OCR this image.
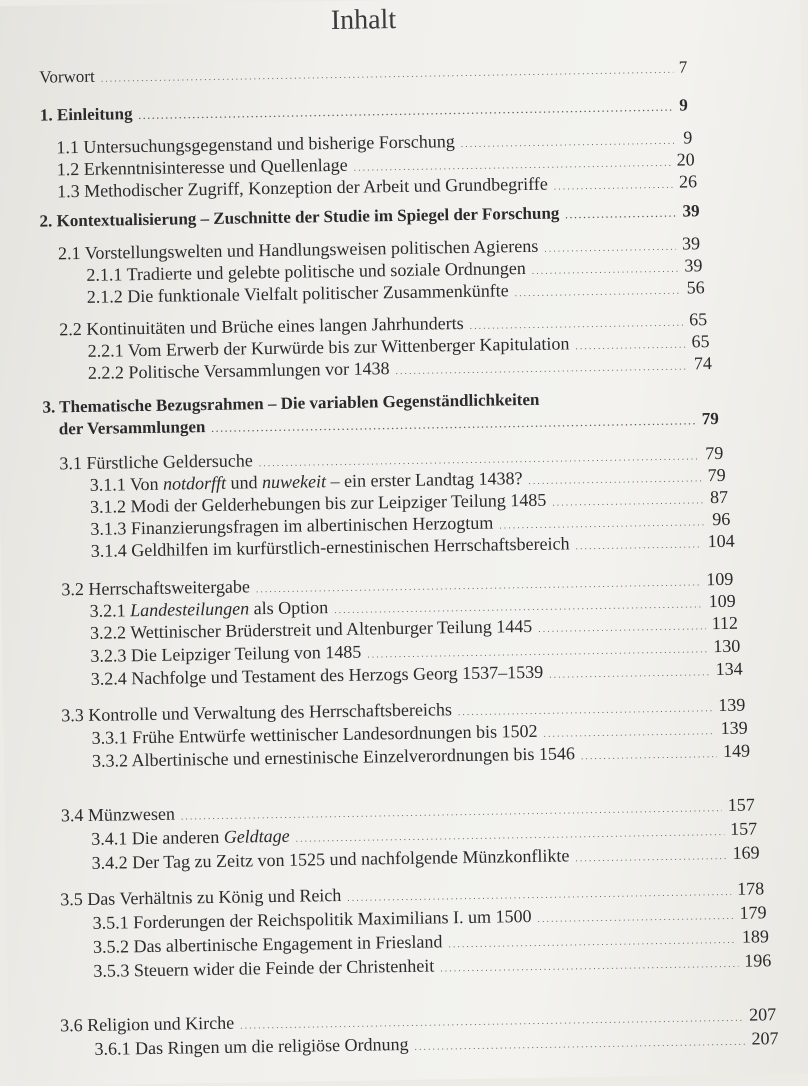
Inhalt
Vorwort . . .	7
1. Einleitung . . .	9
1.1 Untersuchungsgegenstand und bisherige Forschung . . .	9
1.2 Erkenntnisinteresse und Quellenlage . . .	20
1.3 Methodischer Zugriff, Konzeption der Arbeit und Grundbegriffe . . .	26
2. Kontextualisierung – Zuschnitte der Studie im Spiegel der Forschung . . .	39
2.1 Vorstellungswelten und Handlungsweisen politischen Agierens . . .	39
2.1.1 Tradierte und gelebte politische und soziale Ordnungen . . .	39
2.1.2 Die funktionale Vielfalt politischer Zusammenkünfte . . .	56
2.2 Kontinuitäten und Brüche eines langen Jahrhunderts . . .	65
2.2.1 Vom Erwerb der Kurwürde bis zur Wittenberger Kapitulation . . .	65
2.2.2 Politische Versammlungen vor 1438 . . .	74
3. Thematische Bezugsrahmen – Die variablen Gegenständlichkeiten
der Versammlungen . . .	79
3.1 Fürstliche Geldersuche . . .	79
3.1.1 Von notdorfft und nuwekeit – ein erster Landtag 1438? . . .	79
3.1.2 Modi der Gelderhebungen bis zur Leipziger Teilung 1485 . . .	87
3.1.3 Finanzierungsfragen im albertinischen Herzogtum . . .	96
3.1.4 Geldhilfen im kurfürstlich-ernestinischen Herrschaftsbereich . . .	104
3.2 Herrschaftsweitergabe . . .	109
3.2.1 Landesteilungen als Option . . .	109
3.2.2 Wettinischer Brüderstreit und Altenburger Teilung 1445 . . .	112
3.2.3 Die Leipziger Teilung von 1485 . . .	130
3.2.4 Nachfolge und Testament des Herzogs Georg 1537–1539 . . .	134
3.3 Kontrolle und Verwaltung des Herrschaftsbereichs . . .	139
3.3.1 Frühe Entwürfe wettinischer Landesordnungen bis 1502 . . .	139
3.3.2 Albertinische und ernestinische Einzelverordnungen bis 1546 . . .	149
3.4 Münzwesen . . .	157
3.4.1 Die anderen Geldtage . . .	157
3.4.2 Der Tag zu Zeitz von 1525 und nachfolgende Münzkonflikte . . .	169
3.5 Das Verhältnis zu König und Reich . . .	178
3.5.1 Forderungen der Reichspolitik Maximilians I. um 1500 . . .	179
3.5.2 Das albertinische Engagement in Friesland . . .	189
3.5.3 Steuern wider die Feinde der Christenheit . . .	196
3.6 Religion und Kirche . . .	207
3.6.1 Das Ringen um die religiöse Ordnung . . .	207
